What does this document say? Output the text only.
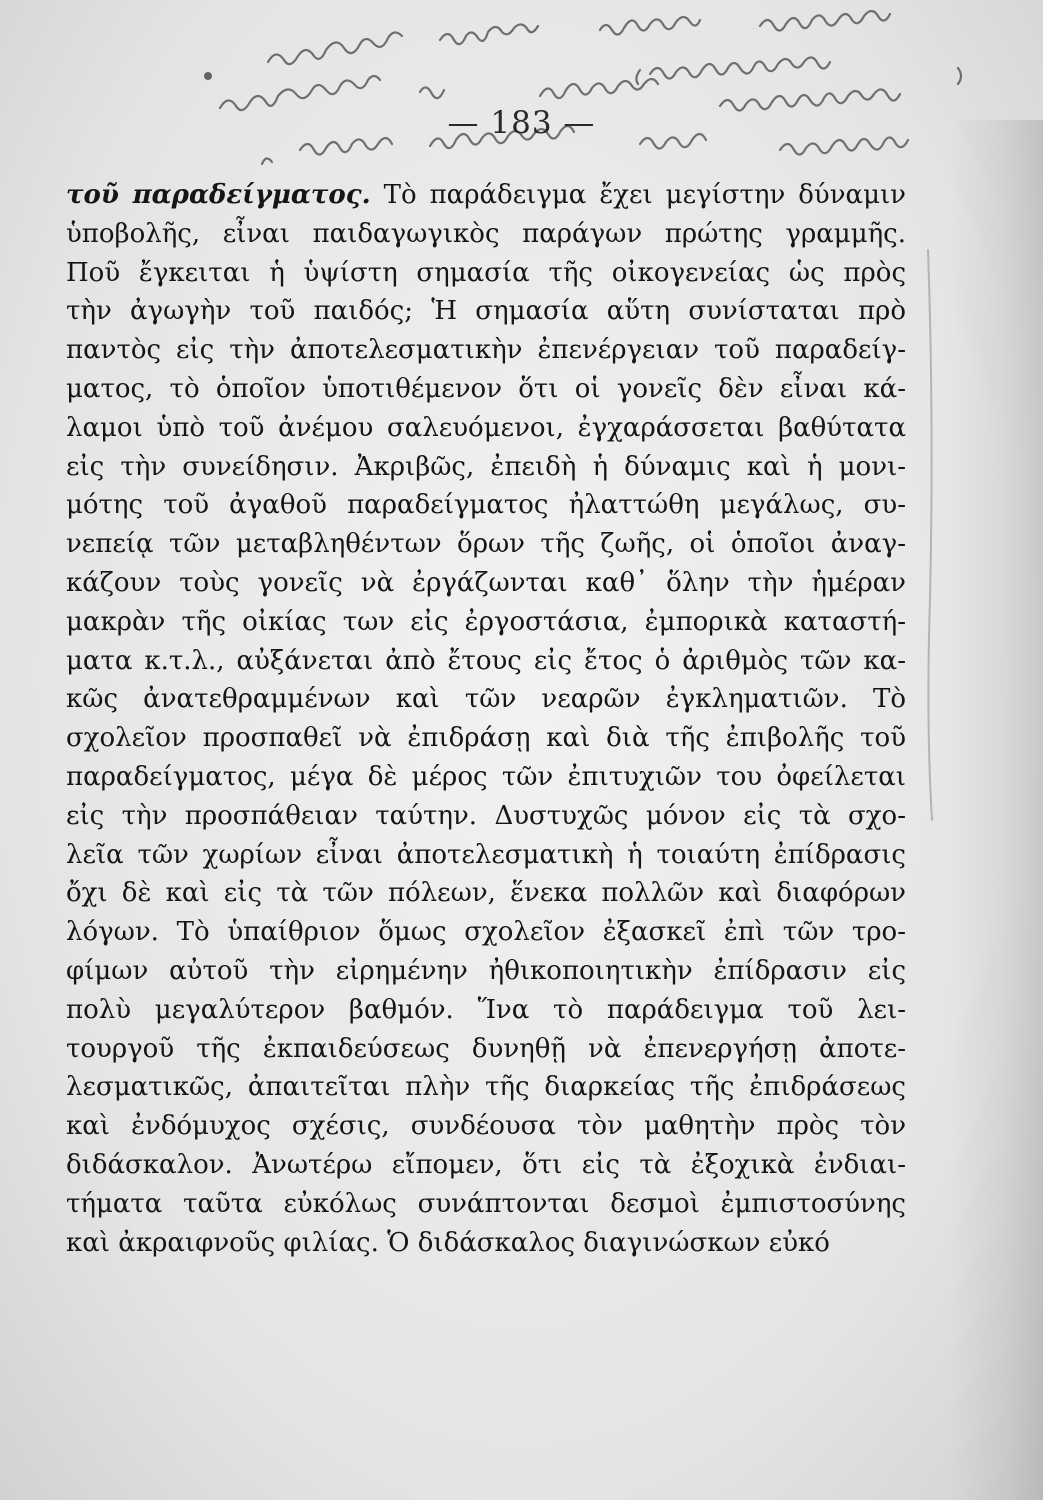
— 183 —
τοῦ παραδείγματος. Τὸ παράδειγμα ἔχει μεγίστην δύναμιν
ὑποβολῆς, εἶναι παιδαγωγικὸς παράγων πρώτης γραμμῆς.
Ποῦ ἔγκειται ἡ ὑψίστη σημασία τῆς οἰκογενείας ὡς πρὸς
τὴν ἀγωγὴν τοῦ παιδός; Ἡ σημασία αὕτη συνίσταται πρὸ
παντὸς εἰς τὴν ἀποτελεσματικὴν ἐπενέργειαν τοῦ παραδείγ-
ματος, τὸ ὁποῖον ὑποτιθέμενον ὅτι οἱ γονεῖς δὲν εἶναι κά-
λαμοι ὑπὸ τοῦ ἀνέμου σαλευόμενοι, ἐγχαράσσεται βαθύτατα
εἰς τὴν συνείδησιν. Ἀκριβῶς, ἐπειδὴ ἡ δύναμις καὶ ἡ μονι-
μότης τοῦ ἀγαθοῦ παραδείγματος ἠλαττώθη μεγάλως, συ-
νεπείᾳ τῶν μεταβληθέντων ὅρων τῆς ζωῆς, οἱ ὁποῖοι ἀναγ-
κάζουν τοὺς γονεῖς νὰ ἐργάζωνται καθ᾽ ὅλην τὴν ἡμέραν
μακρὰν τῆς οἰκίας των εἰς ἐργοστάσια, ἐμπορικὰ καταστή-
ματα κ.τ.λ., αὐξάνεται ἀπὸ ἔτους εἰς ἔτος ὁ ἀριθμὸς τῶν κα-
κῶς ἀνατεθραμμένων καὶ τῶν νεαρῶν ἐγκληματιῶν. Τὸ
σχολεῖον προσπαθεῖ νὰ ἐπιδράσῃ καὶ διὰ τῆς ἐπιβολῆς τοῦ
παραδείγματος, μέγα δὲ μέρος τῶν ἐπιτυχιῶν του ὀφείλεται
εἰς τὴν προσπάθειαν ταύτην. Δυστυχῶς μόνον εἰς τὰ σχο-
λεῖα τῶν χωρίων εἶναι ἀποτελεσματικὴ ἡ τοιαύτη ἐπίδρασις
ὄχι δὲ καὶ εἰς τὰ τῶν πόλεων, ἕνεκα πολλῶν καὶ διαφόρων
λόγων. Τὸ ὑπαίθριον ὅμως σχολεῖον ἐξασκεῖ ἐπὶ τῶν τρο-
φίμων αὐτοῦ τὴν εἰρημένην ἠθικοποιητικὴν ἐπίδρασιν εἰς
πολὺ μεγαλύτερον βαθμόν. Ἵνα τὸ παράδειγμα τοῦ λει-
τουργοῦ τῆς ἐκπαιδεύσεως δυνηθῇ νὰ ἐπενεργήσῃ ἀποτε-
λεσματικῶς, ἀπαιτεῖται πλὴν τῆς διαρκείας τῆς ἐπιδράσεως
καὶ ἐνδόμυχος σχέσις, συνδέουσα τὸν μαθητὴν πρὸς τὸν
διδάσκαλον. Ἀνωτέρω εἴπομεν, ὅτι εἰς τὰ ἐξοχικὰ ἐνδιαι-
τήματα ταῦτα εὐκόλως συνάπτονται δεσμοὶ ἐμπιστοσύνης
καὶ ἀκραιφνοῦς φιλίας. Ὁ διδάσκαλος διαγινώσκων εὐκό
